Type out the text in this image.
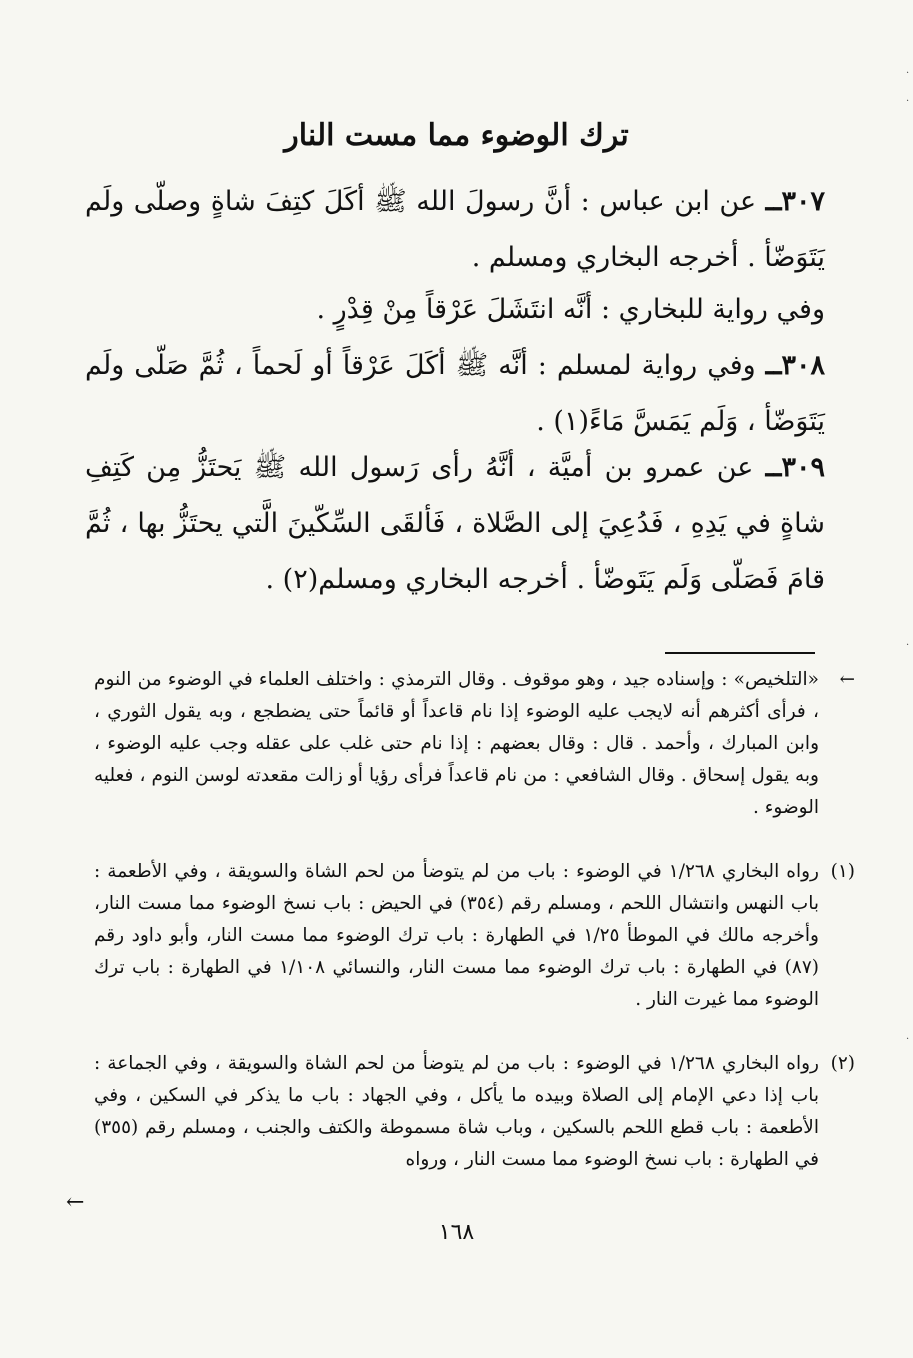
ترك الوضوء مما مست النار
٣٠٧ــ عن ابن عباس : أنَّ رسولَ الله ﷺ أكَلَ كتِفَ شاةٍ وصلّى ولَم يَتَوَضّأ . أخرجه البخاري ومسلم .
وفي رواية للبخاري : أنَّه انتَشَلَ عَرْقاً مِنْ قِدْرٍ .
٣٠٨ــ وفي رواية لمسلم : أنَّه ﷺ أكَلَ عَرْقاً أو لَحماً ، ثُمَّ صَلّى ولَم يَتَوَضّأ ، وَلَم يَمَسَّ مَاءً(١) .
٣٠٩ــ عن عمرو بن أميَّة ، أنَّهُ رأى رَسول الله ﷺ يَحتَزُّ مِن كَتِفِ شاةٍ في يَدِهِ ، فَدُعِيَ إلى الصَّلاة ، فَألقَى السِّكّينَ الَّتي يحتَزُّ بها ، ثُمَّ قامَ فَصَلّى وَلَم يَتَوضّأ . أخرجه البخاري ومسلم(٢) .
←
«التلخيص» : وإسناده جيد ، وهو موقوف . وقال الترمذي : واختلف العلماء في الوضوء من النوم ، فرأى أكثرهم أنه لايجب عليه الوضوء إذا نام قاعداً أو قائماً حتى يضطجع ، وبه يقول الثوري ، وابن المبارك ، وأحمد . قال : وقال بعضهم : إذا نام حتى غلب على عقله وجب عليه الوضوء ، وبه يقول إسحاق . وقال الشافعي : من نام قاعداً فرأى رؤيا أو زالت مقعدته لوسن النوم ، فعليه الوضوء .
(١)
رواه البخاري ١/٢٦٨ في الوضوء : باب من لم يتوضأ من لحم الشاة والسويقة ، وفي الأطعمة : باب النهس وانتشال اللحم ، ومسلم رقم (٣٥٤) في الحيض : باب نسخ الوضوء مما مست النار، وأخرجه مالك في الموطأ ١/٢٥ في الطهارة : باب ترك الوضوء مما مست النار، وأبو داود رقم (٨٧) في الطهارة : باب ترك الوضوء مما مست النار، والنسائي ١/١٠٨ في الطهارة : باب ترك الوضوء مما غيرت النار .
(٢)
رواه البخاري ١/٢٦٨ في الوضوء : باب من لم يتوضأ من لحم الشاة والسويقة ، وفي الجماعة : باب إذا دعي الإمام إلى الصلاة وبيده ما يأكل ، وفي الجهاد : باب ما يذكر في السكين ، وفي الأطعمة : باب قطع اللحم بالسكين ، وباب شاة مسموطة والكتف والجنب ، ومسلم رقم (٣٥٥) في الطهارة : باب نسخ الوضوء مما مست النار ، ورواه
←
١٦٨
·
·
·
·
